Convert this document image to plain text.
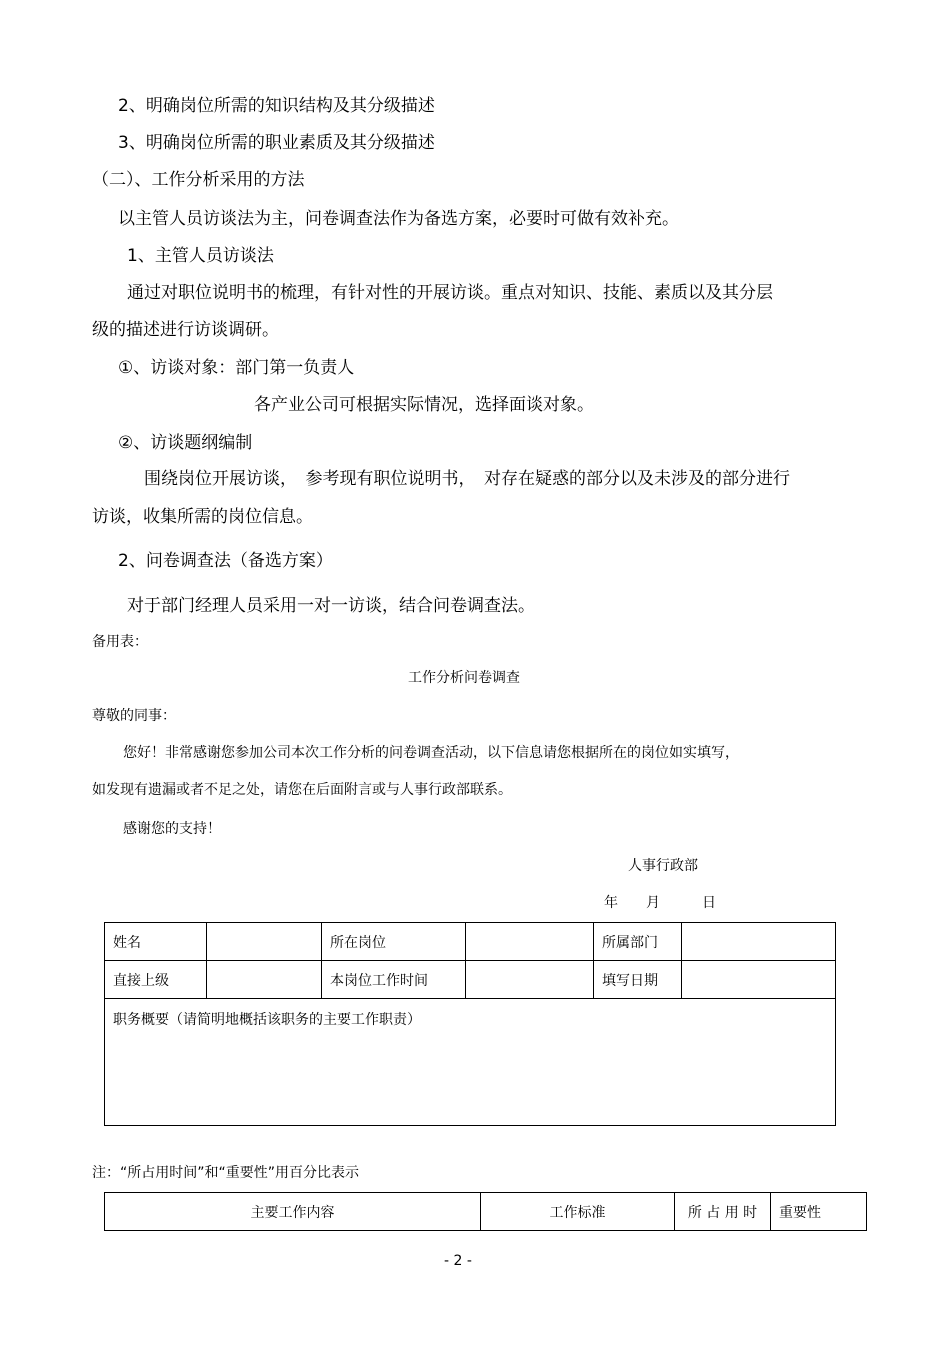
2、明确岗位所需的知识结构及其分级描述
3、明确岗位所需的职业素质及其分级描述
（二）、工作分析采用的方法
以主管人员访谈法为主，问卷调查法作为备选方案，必要时可做有效补充。
1、主管人员访谈法
通过对职位说明书的梳理，有针对性的开展访谈。重点对知识、技能、素质以及其分层
级的描述进行访谈调研。
①、访谈对象：部门第一负责人
各产业公司可根据实际情况，选择面谈对象。
②、访谈题纲编制
围绕岗位开展访谈，　参考现有职位说明书，　对存在疑惑的部分以及未涉及的部分进行
访谈，收集所需的岗位信息。
2、问卷调查法（备选方案）
对于部门经理人员采用一对一访谈，结合问卷调查法。
备用表：
工作分析问卷调查
尊敬的同事：
您好！非常感谢您参加公司本次工作分析的问卷调查活动，以下信息请您根据所在的岗位如实填写，
如发现有遗漏或者不足之处，请您在后面附言或与人事行政部联系。
感谢您的支持！
人事行政部
年　　月　　　日
姓名		所在岗位		所属部门	
直接上级		本岗位工作时间		填写日期	
职务概要（请简明地概括该职务的主要工作职责）					
注：“所占用时间”和“重要性”用百分比表示
主要工作内容	工作标准	所 占 用 时	重要性
- 2 -
